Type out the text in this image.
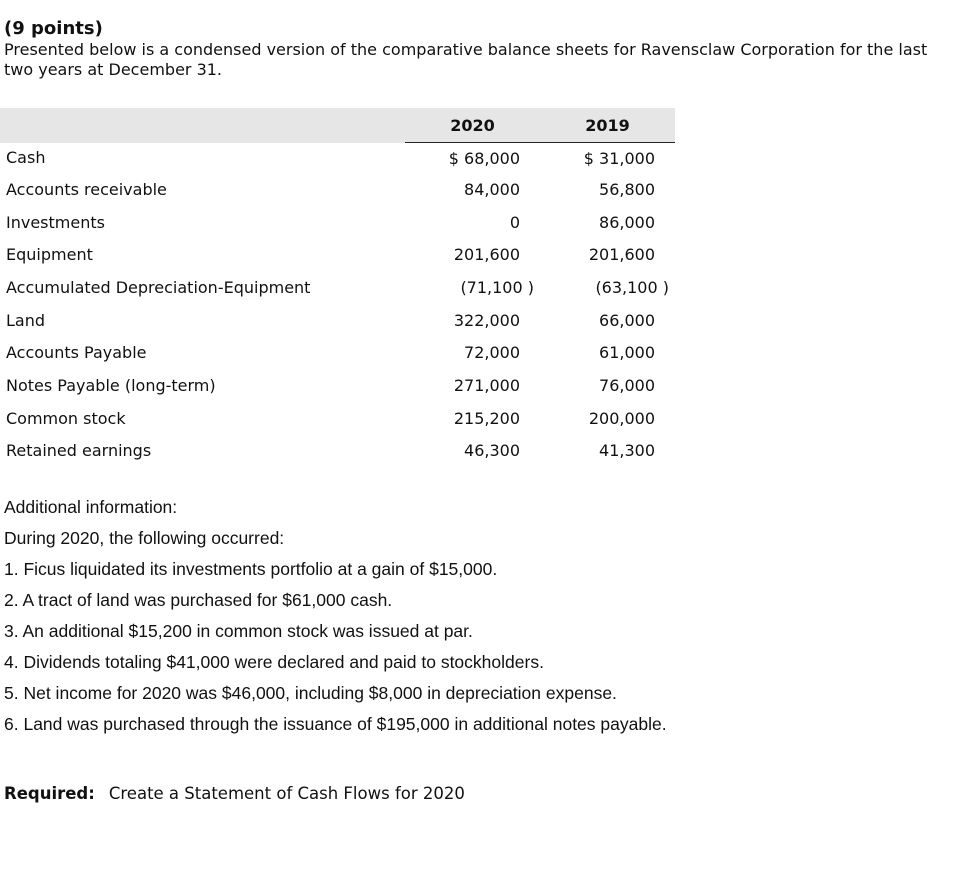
(9 points)

Presented below is a condensed version of the comparative balance sheets for Ravensclaw Corporation for the last two years at December 31.

	2020	2019
Cash	$ 68,000	$ 31,000
Accounts receivable	84,000	56,800
Investments	0	86,000
Equipment	201,600	201,600
Accumulated Depreciation-Equipment	(71,100 )	(63,100 )
Land	322,000	66,000
Accounts Payable	72,000	61,000
Notes Payable (long-term)	271,000	76,000
Common stock	215,200	200,000
Retained earnings	46,300	41,300
Additional information:
During 2020, the following occurred:
1. Ficus liquidated its investments portfolio at a gain of $15,000.
2. A tract of land was purchased for $61,000 cash.
3. An additional $15,200 in common stock was issued at par.
4. Dividends totaling $41,000 were declared and paid to stockholders.
5. Net income for 2020 was $46,000, including $8,000 in depreciation expense.
6. Land was purchased through the issuance of $195,000 in additional notes payable.
Required: Create a Statement of Cash Flows for 2020
